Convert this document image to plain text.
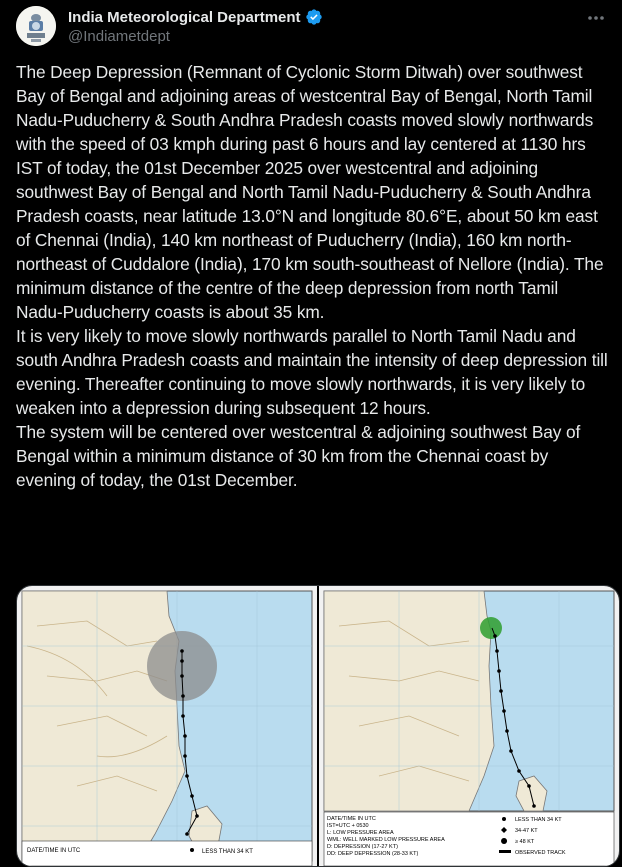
India Meteorological Department
@Indiametdept

The Deep Depression (Remnant of Cyclonic Storm Ditwah) over southwest Bay of Bengal and adjoining areas of westcentral Bay of Bengal, North Tamil Nadu-Puducherry & South Andhra Pradesh coasts moved slowly northwards with the speed of 03 kmph during past 6 hours and lay centered at 1130 hrs IST of today, the 01st December 2025 over westcentral and adjoining southwest Bay of Bengal and North Tamil Nadu-Puducherry & South Andhra Pradesh coasts, near latitude 13.0°N and longitude 80.6°E, about 50 km east of Chennai (India), 140 km northeast of Puducherry (India), 160 km north-northeast of Cuddalore (India), 170 km south-southeast of Nellore (India). The minimum distance of the centre of the deep depression from north Tamil Nadu-Puducherry coasts is about 35 km.

It is very likely to move slowly northwards parallel to North Tamil Nadu and south Andhra Pradesh coasts and maintain the intensity of deep depression till evening. Thereafter continuing to move slowly northwards, it is very likely to weaken into a depression during subsequent 12 hours.

The system will be centered over westcentral & adjoining southwest Bay of Bengal within a minimum distance of 30 km from the Chennai coast by evening of today, the 01st December.

DATE/TIME IN UTC	LESS THAN 34 KT
DATE/TIME IN UTC
IST=UTC + 0530
L: LOW PRESSURE AREA
WML: WELL MARKED LOW PRESSURE AREA
D: DEPRESSION (17-27 KT)
DD: DEEP DEPRESSION (28-33 KT)
LESS THAN 34 KT
34-47 KT
≥ 48 KT
OBSERVED TRACK
